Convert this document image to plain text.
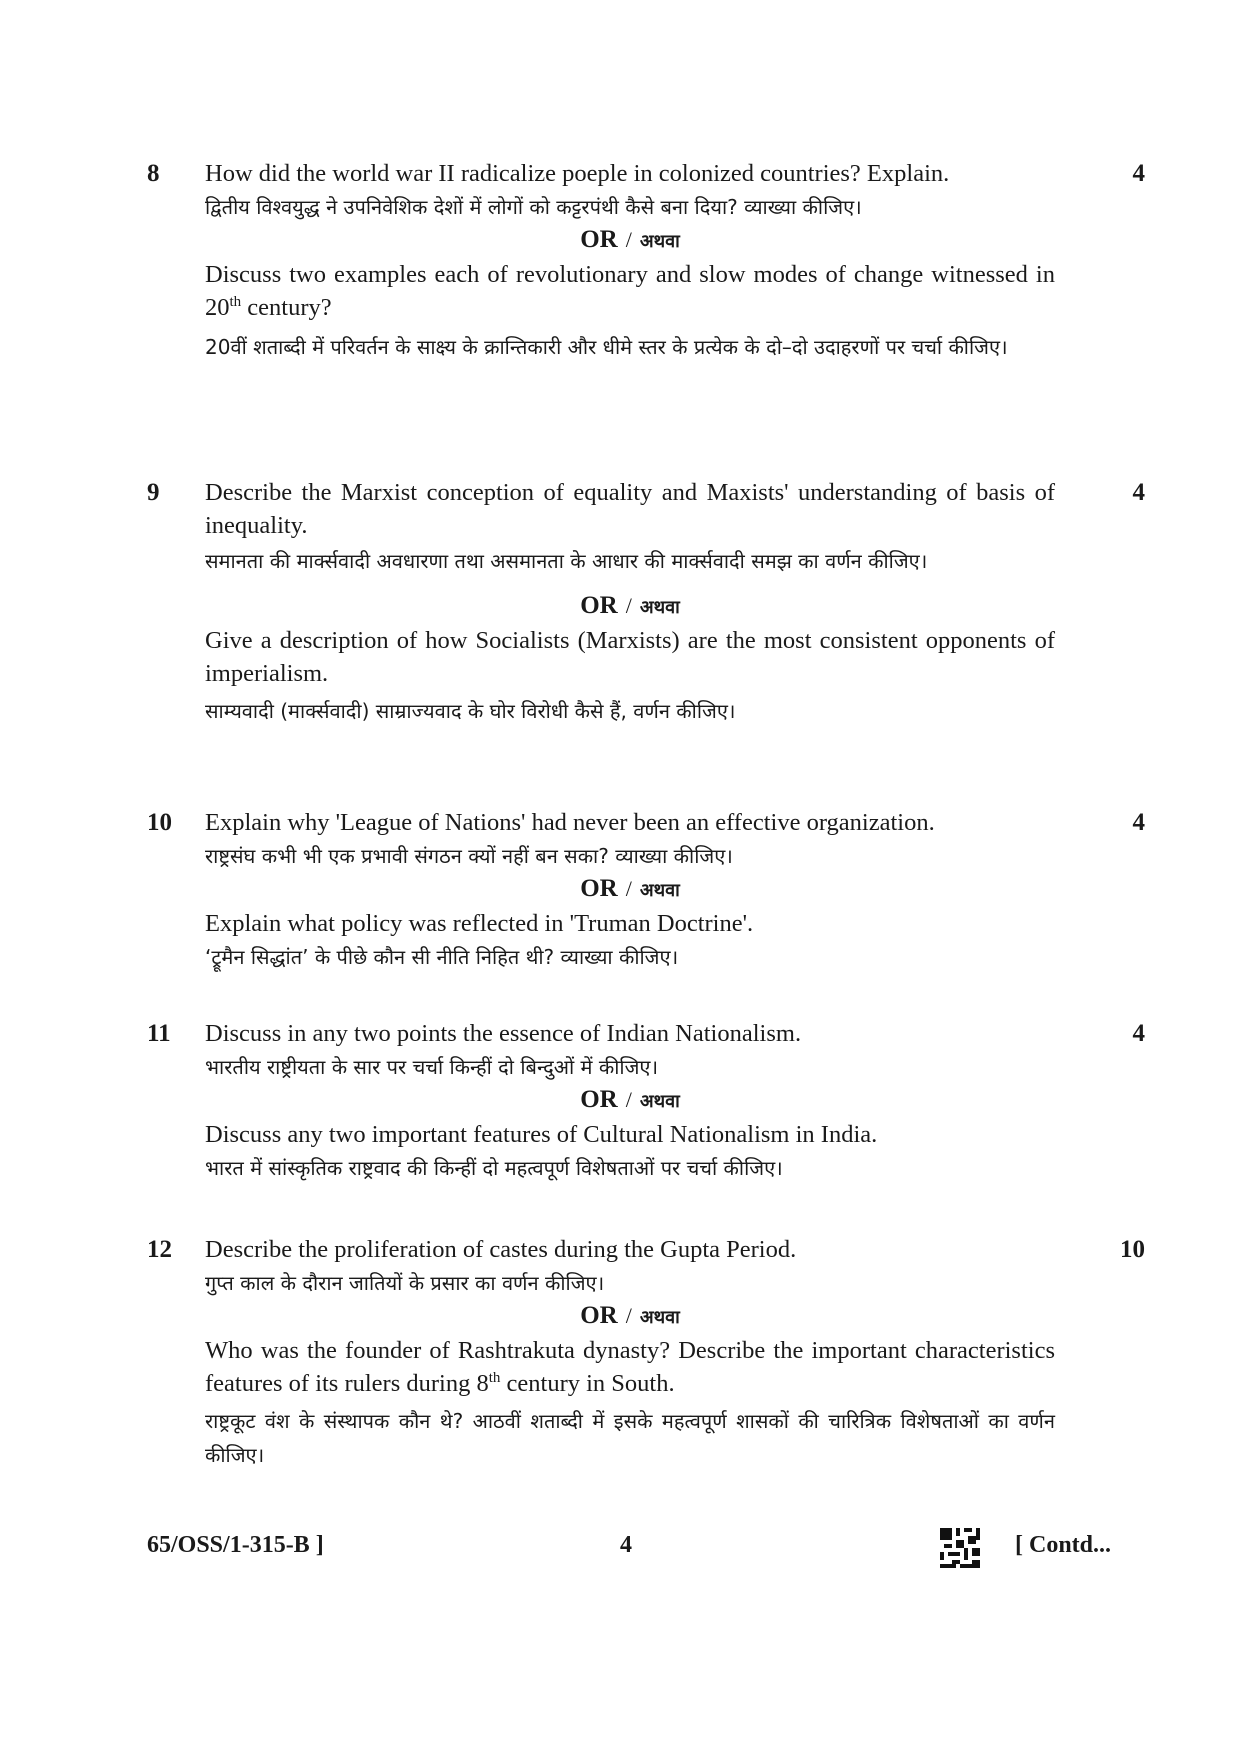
8	4

How did the world war II radicalize poeple in colonized countries? Explain.

द्वितीय विश्वयुद्ध ने उपनिवेशिक देशों में लोगों को कट्टरपंथी कैसे बना दिया? व्याख्या कीजिए।

OR / अथवा

Discuss two examples each of revolutionary and slow modes of change witnessed in 20th century?

20वीं शताब्दी में परिवर्तन के साक्ष्य के क्रान्तिकारी और धीमे स्तर के प्रत्येक के दो–दो उदाहरणों पर चर्चा कीजिए।

9	4

Describe the Marxist conception of equality and Maxists' understanding of basis of inequality.

समानता की मार्क्सवादी अवधारणा तथा असमानता के आधार की मार्क्सवादी समझ का वर्णन कीजिए।

OR / अथवा

Give a description of how Socialists (Marxists) are the most consistent opponents of imperialism.

साम्यवादी (मार्क्सवादी) साम्राज्यवाद के घोर विरोधी कैसे हैं, वर्णन कीजिए।

10	4

Explain why 'League of Nations' had never been an effective organization.

राष्ट्रसंघ कभी भी एक प्रभावी संगठन क्यों नहीं बन सका? व्याख्या कीजिए।

OR / अथवा

Explain what policy was reflected in 'Truman Doctrine'.

‘ट्रूमैन सिद्धांत’ के पीछे कौन सी नीति निहित थी? व्याख्या कीजिए।

11	4

Discuss in any two points the essence of Indian Nationalism.

भारतीय राष्ट्रीयता के सार पर चर्चा किन्हीं दो बिन्दुओं में कीजिए।

OR / अथवा

Discuss any two important features of Cultural Nationalism in India.

भारत में सांस्कृतिक राष्ट्रवाद की किन्हीं दो महत्वपूर्ण विशेषताओं पर चर्चा कीजिए।

12	10

Describe the proliferation of castes during the Gupta Period.

गुप्त काल के दौरान जातियों के प्रसार का वर्णन कीजिए।

OR / अथवा

Who was the founder of Rashtrakuta dynasty? Describe the important characteristics features of its rulers during 8th century in South.

राष्ट्रकूट वंश के संस्थापक कौन थे? आठवीं शताब्दी में इसके महत्वपूर्ण शासकों की चारित्रिक विशेषताओं का वर्णन कीजिए।

65/OSS/1-315-B ]	4	[ Contd...
